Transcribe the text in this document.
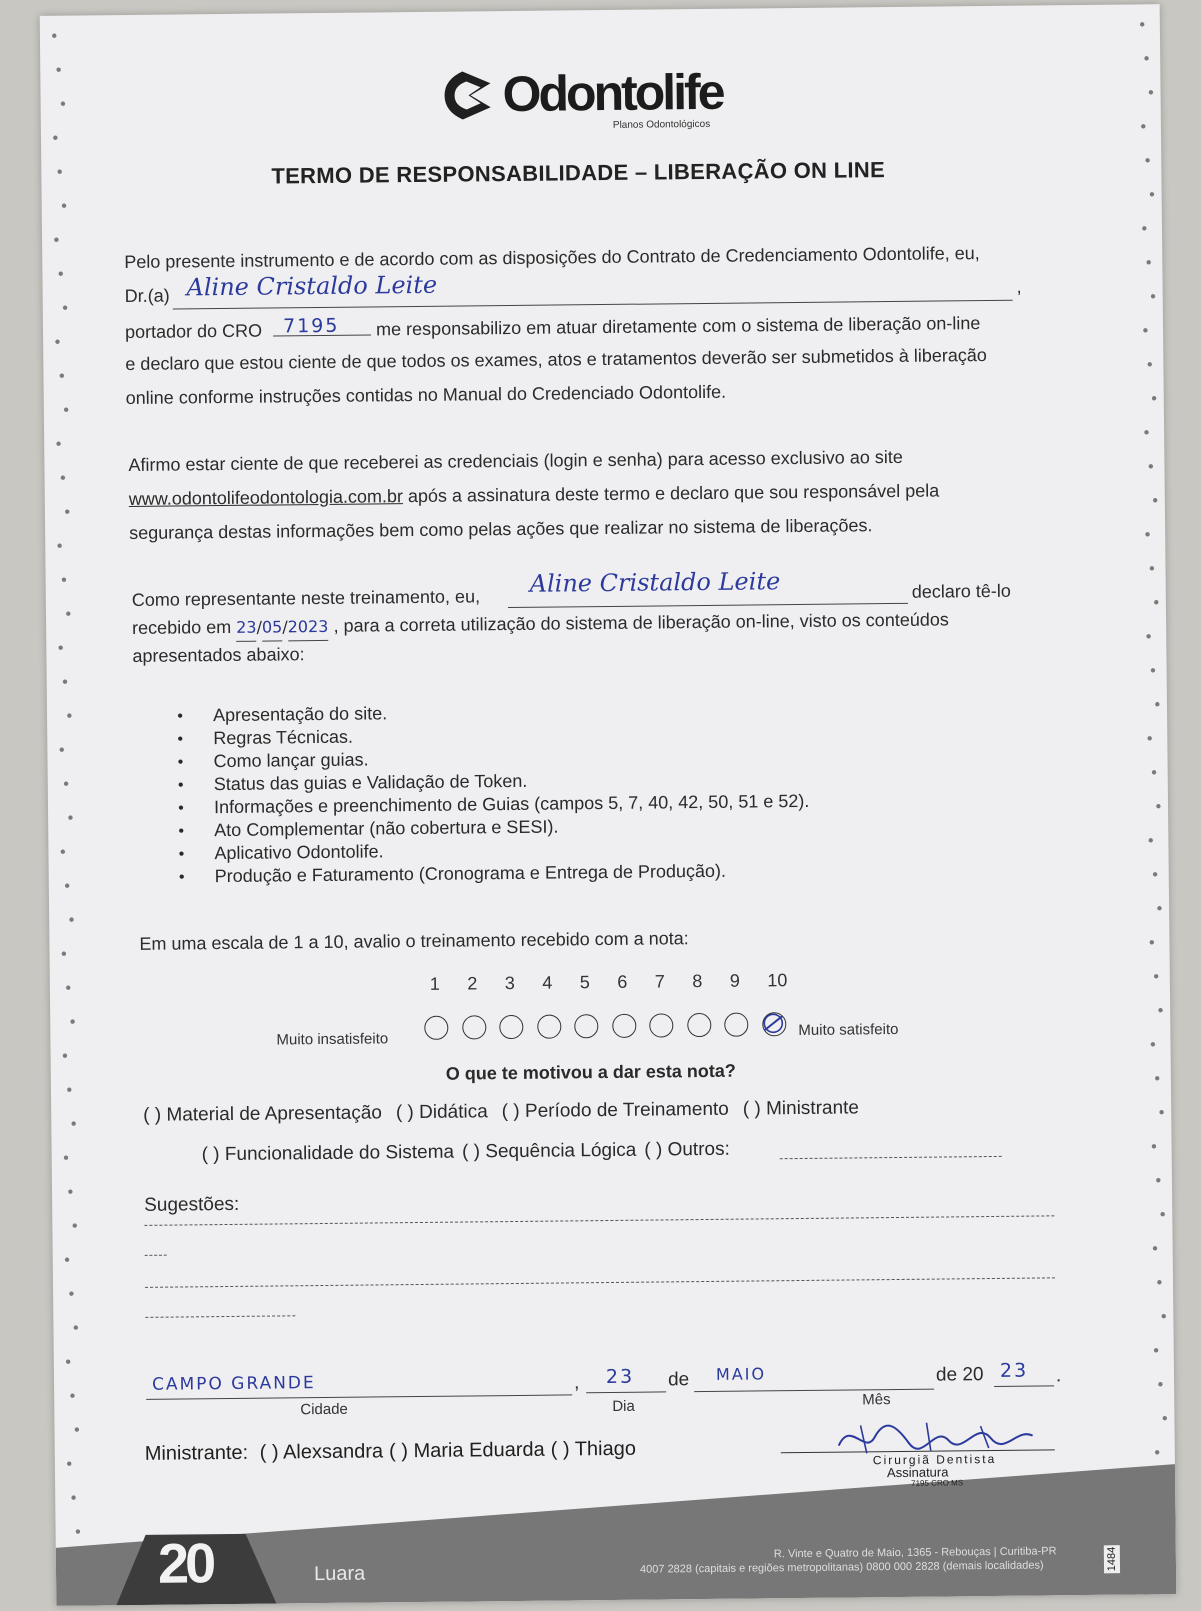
Odontolife
Planos Odontológicos
TERMO DE RESPONSABILIDADE – LIBERAÇÃO ON LINE
Pelo presente instrumento e de acordo com as disposições do Contrato de Credenciamento Odontolife, eu,
Dr.(a) Aline Cristaldo Leite	,
portador do CRO 7195 me responsabilizo em atuar diretamente com o sistema de liberação on-line
e declaro que estou ciente de que todos os exames, atos e tratamentos deverão ser submetidos à liberação
online conforme instruções contidas no Manual do Credenciado Odontolife.
Afirmo estar ciente de que receberei as credenciais (login e senha) para acesso exclusivo ao site
www.odontolifeodontologia.com.br após a assinatura deste termo e declaro que sou responsável pela
segurança destas informações bem como pelas ações que realizar no sistema de liberações.
Como representante neste treinamento, eu,
Aline Cristaldo Leite	declaro tê-lo
recebido em 23/05/2023 , para a correta utilização do sistema de liberação on-line, visto os conteúdos
apresentados abaixo:
● Apresentação do site.
● Regras Técnicas.
● Como lançar guias.
● Status das guias e Validação de Token.
● Informações e preenchimento de Guias (campos 5, 7, 40, 42, 50, 51 e 52).
● Ato Complementar (não cobertura e SESI).
● Aplicativo Odontolife.
● Produção e Faturamento (Cronograma e Entrega de Produção).
Em uma escala de 1 a 10, avalio o treinamento recebido com a nota:
1 2 3 4 5 6 7 8 9 10
Muito insatisfeito
Muito satisfeito
O que te motivou a dar esta nota?
( ) Material de Apresentação ( ) Didática ( ) Período de Treinamento ( ) Ministrante
( ) Funcionalidade do Sistema ( ) Sequência Lógica ( ) Outros:
Sugestões:
CAMPO GRANDE
Cidade
, 23
Dia
de MAIO
Mês
de 20 23 .
20	Luara
R. Vinte e Quatro de Maio, 1365 - Rebouças | Curitiba-PR
4007 2828 (capitais e regiões metropolitanas) 0800 000 2828 (demais localidades)	1484
Ministrante: ( ) Alexsandra ( ) Maria Eduarda ( ) Thiago	Cirurgiã Dentista
Assinatura
7195 CRO MS
